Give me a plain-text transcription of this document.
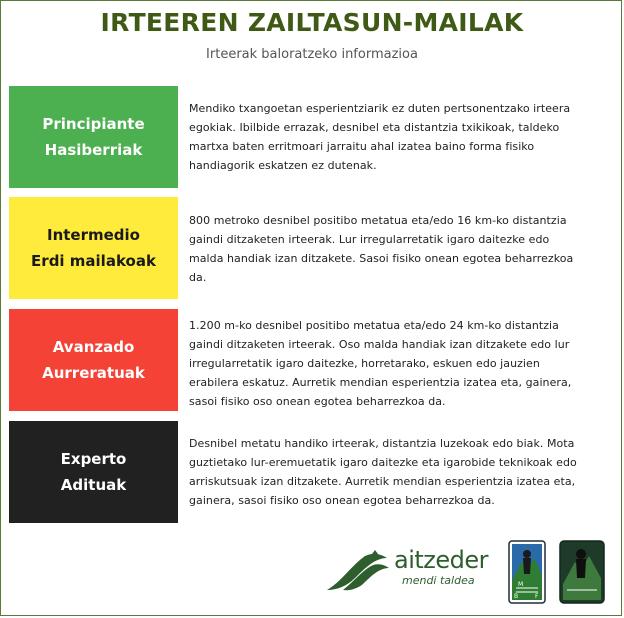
IRTEEREN ZAILTASUN-MAILAK
Irteerak baloratzeko informazioa
Principiante
Hasiberriak
Mendiko txangoetan esperientziarik ez duten pertsonentzako irteera
egokiak. Ibilbide errazak, desnibel eta distantzia txikikoak, taldeko
martxa baten erritmoari jarraitu ahal izatea baino forma fisiko
handiagorik eskatzen ez dutenak.
Intermedio
Erdi mailakoak
800 metroko desnibel positibo metatua eta/edo 16 km-ko distantzia
gaindi ditzaketen irteerak. Lur irregularretatik igaro daitezke edo
malda handiak izan ditzakete. Sasoi fisiko onean egotea beharrezkoa
da.
Avanzado
Aurreratuak
1.200 m-ko desnibel positibo metatua eta/edo 24 km-ko distantzia
gaindi ditzaketen irteerak. Oso malda handiak izan ditzakete edo lur
irregularretatik igaro daitezke, horretarako, eskuen edo jauzien
erabilera eskatuz. Aurretik mendian esperientzia izatea eta, gainera,
sasoi fisiko oso onean egotea beharrezkoa da.
Experto
Adituak
Desnibel metatu handiko irteerak, distantzia luzekoak edo biak. Mota
guztietako lur-eremuetatik igaro daitezke eta igarobide teknikoak edo
arriskutsuak izan ditzakete. Aurretik mendian esperientzia izatea eta,
gainera, sasoi fisiko oso onean egotea beharrezkoa da.
aitzeder
mendi taldea	M
B	F
